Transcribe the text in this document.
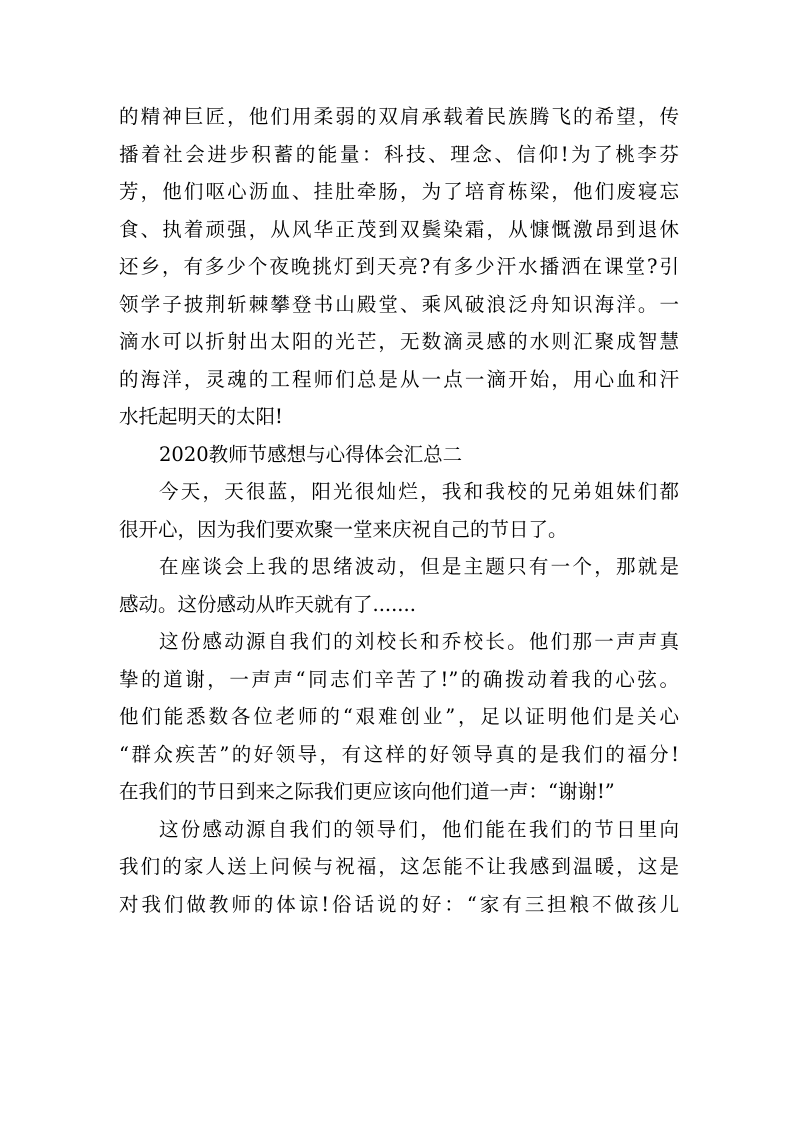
的精神巨匠，他们用柔弱的双肩承载着民族腾飞的希望，传
播着社会进步积蓄的能量：科技、理念、信仰!为了桃李芬
芳，他们呕心沥血、挂肚牵肠，为了培育栋梁，他们废寝忘
食、执着顽强，从风华正茂到双鬓染霜，从慷慨激昂到退休
还乡，有多少个夜晚挑灯到天亮?有多少汗水播洒在课堂?引
领学子披荆斩棘攀登书山殿堂、乘风破浪泛舟知识海洋。一
滴水可以折射出太阳的光芒，无数滴灵感的水则汇聚成智慧
的海洋，灵魂的工程师们总是从一点一滴开始，用心血和汗
水托起明天的太阳!
2020教师节感想与心得体会汇总二
今天，天很蓝，阳光很灿烂，我和我校的兄弟姐妹们都
很开心，因为我们要欢聚一堂来庆祝自己的节日了。
在座谈会上我的思绪波动，但是主题只有一个，那就是
感动。这份感动从昨天就有了.......
这份感动源自我们的刘校长和乔校长。他们那一声声真
挚的道谢，一声声“同志们辛苦了!”的确拨动着我的心弦。
他们能悉数各位老师的“艰难创业”，足以证明他们是关心
“群众疾苦”的好领导，有这样的好领导真的是我们的福分!
在我们的节日到来之际我们更应该向他们道一声：“谢谢!”
这份感动源自我们的领导们，他们能在我们的节日里向
我们的家人送上问候与祝福，这怎能不让我感到温暖，这是
对我们做教师的体谅!俗话说的好：“家有三担粮不做孩儿
